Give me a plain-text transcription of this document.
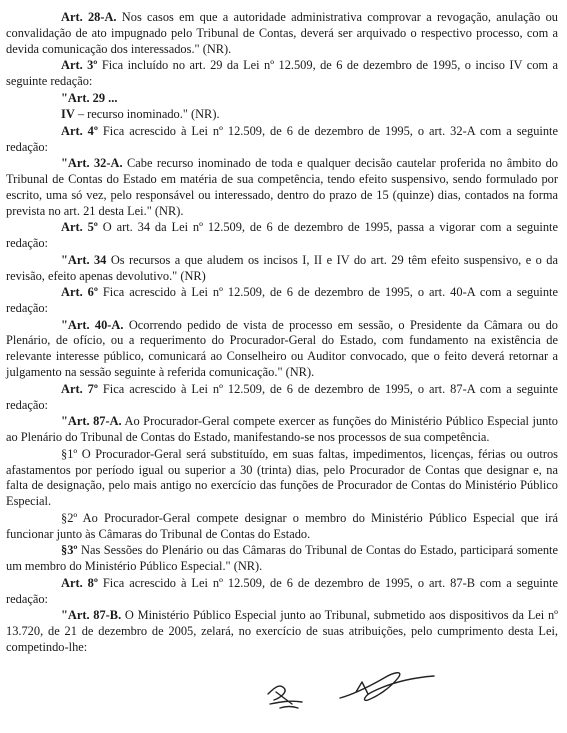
Art. 28-A. Nos casos em que a autoridade administrativa comprovar a revogação, anulação ou convalidação de ato impugnado pelo Tribunal de Contas, deverá ser arquivado o respectivo processo, com a devida comunicação dos interessados." (NR).

Art. 3º Fica incluído no art. 29 da Lei nº 12.509, de 6 de dezembro de 1995, o inciso IV com a seguinte redação:

"Art. 29 ...

IV – recurso inominado." (NR).

Art. 4º Fica acrescido à Lei nº 12.509, de 6 de dezembro de 1995, o art. 32-A com a seguinte redação:

"Art. 32-A. Cabe recurso inominado de toda e qualquer decisão cautelar proferida no âmbito do Tribunal de Contas do Estado em matéria de sua competência, tendo efeito suspensivo, sendo formulado por escrito, uma só vez, pelo responsável ou interessado, dentro do prazo de 15 (quinze) dias, contados na forma prevista no art. 21 desta Lei." (NR).

Art. 5º O art. 34 da Lei nº 12.509, de 6 de dezembro de 1995, passa a vigorar com a seguinte redação:

"Art. 34 Os recursos a que aludem os incisos I, II e IV do art. 29 têm efeito suspensivo, e o da revisão, efeito apenas devolutivo." (NR)

Art. 6º Fica acrescido à Lei nº 12.509, de 6 de dezembro de 1995, o art. 40-A com a seguinte redação:

"Art. 40-A. Ocorrendo pedido de vista de processo em sessão, o Presidente da Câmara ou do Plenário, de ofício, ou a requerimento do Procurador-Geral do Estado, com fundamento na existência de relevante interesse público, comunicará ao Conselheiro ou Auditor convocado, que o feito deverá retornar a julgamento na sessão seguinte à referida comunicação." (NR).

Art. 7º Fica acrescido à Lei nº 12.509, de 6 de dezembro de 1995, o art. 87-A com a seguinte redação:

"Art. 87-A. Ao Procurador-Geral compete exercer as funções do Ministério Público Especial junto ao Plenário do Tribunal de Contas do Estado, manifestando-se nos processos de sua competência.

§1º O Procurador-Geral será substituído, em suas faltas, impedimentos, licenças, férias ou outros afastamentos por período igual ou superior a 30 (trinta) dias, pelo Procurador de Contas que designar e, na falta de designação, pelo mais antigo no exercício das funções de Procurador de Contas do Ministério Público Especial.

§2º Ao Procurador-Geral compete designar o membro do Ministério Público Especial que irá funcionar junto às Câmaras do Tribunal de Contas do Estado.

§3º Nas Sessões do Plenário ou das Câmaras do Tribunal de Contas do Estado, participará somente um membro do Ministério Público Especial." (NR).

Art. 8º Fica acrescido à Lei nº 12.509, de 6 de dezembro de 1995, o art. 87-B com a seguinte redação:

"Art. 87-B. O Ministério Público Especial junto ao Tribunal, submetido aos dispositivos da Lei nº 13.720, de 21 de dezembro de 2005, zelará, no exercício de suas atribuições, pelo cumprimento desta Lei, competindo-lhe:
